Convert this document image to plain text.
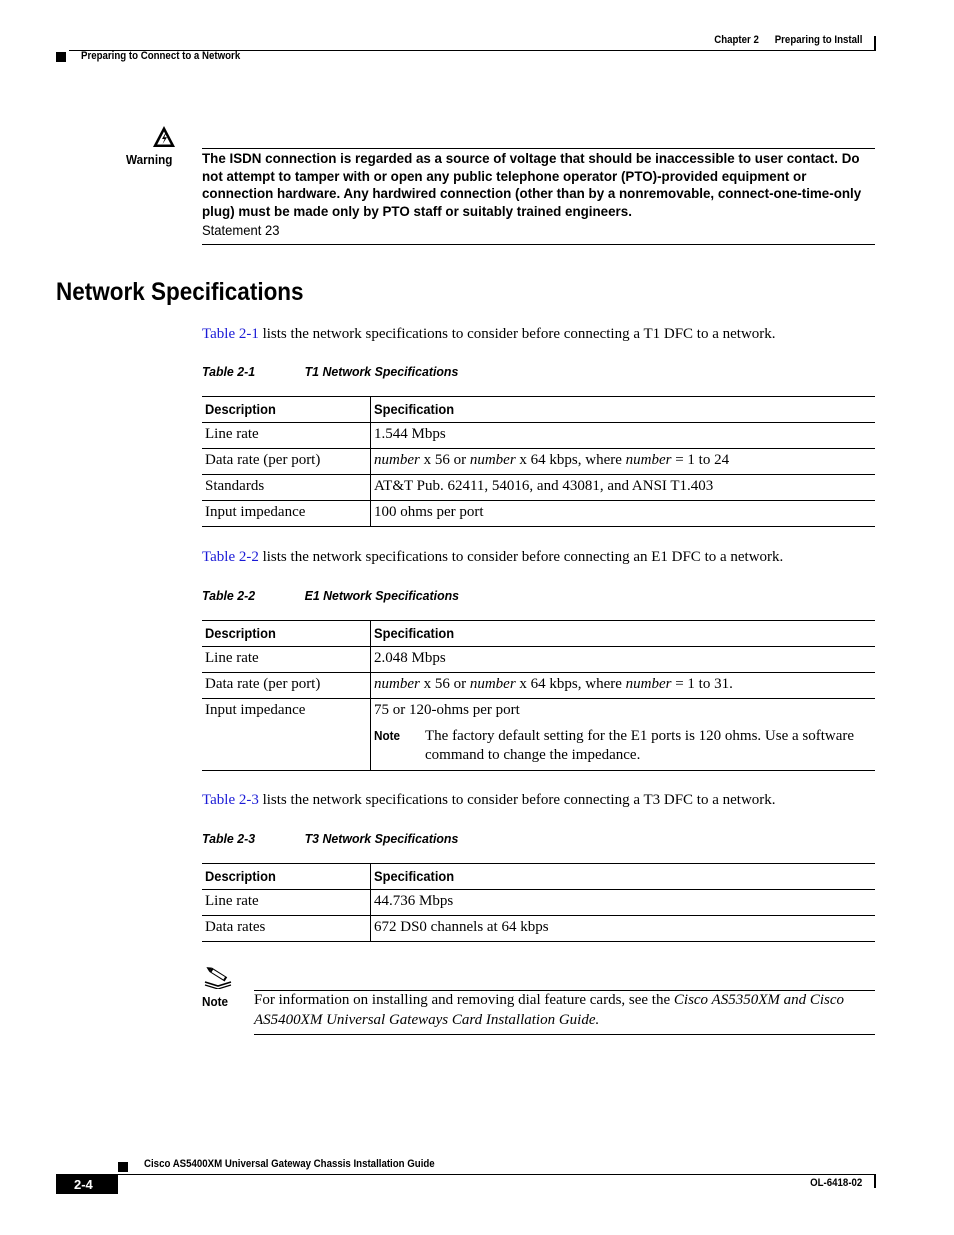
Chapter 2 Preparing to Install
Preparing to Connect to a Network
Warning The ISDN connection is regarded as a source of voltage that should be inaccessible to user contact. Do not attempt to tamper with or open any public telephone operator (PTO)-provided equipment or connection hardware. Any hardwired connection (other than by a nonremovable, connect-one-time-only plug) must be made only by PTO staff or suitably trained engineers.
Statement 23
Network Specifications
Table 2-1 lists the network specifications to consider before connecting a T1 DFC to a network.
Table 2-1	T1 Network Specifications
Description	Specification
Line rate	1.544 Mbps
Data rate (per port)	number x 56 or number x 64 kbps, where number = 1 to 24
Standards	AT&T Pub. 62411, 54016, and 43081, and ANSI T1.403
Input impedance	100 ohms per port
Table 2-2 lists the network specifications to consider before connecting an E1 DFC to a network.
Table 2-2	E1 Network Specifications
Description	Specification
Line rate	2.048 Mbps
Data rate (per port)	number x 56 or number x 64 kbps, where number = 1 to 31.
Input impedance	75 or 120-ohms per port
Note The factory default setting for the E1 ports is 120 ohms. Use a software command to change the impedance.
Table 2-3 lists the network specifications to consider before connecting a T3 DFC to a network.
Table 2-3	T3 Network Specifications
Description	Specification
Line rate	44.736 Mbps
Data rates	672 DS0 channels at 64 kbps
Note For information on installing and removing dial feature cards, see the Cisco AS5350XM and Cisco AS5400XM Universal Gateways Card Installation Guide.
Cisco AS5400XM Universal Gateway Chassis Installation Guide
2-4	OL-6418-02
